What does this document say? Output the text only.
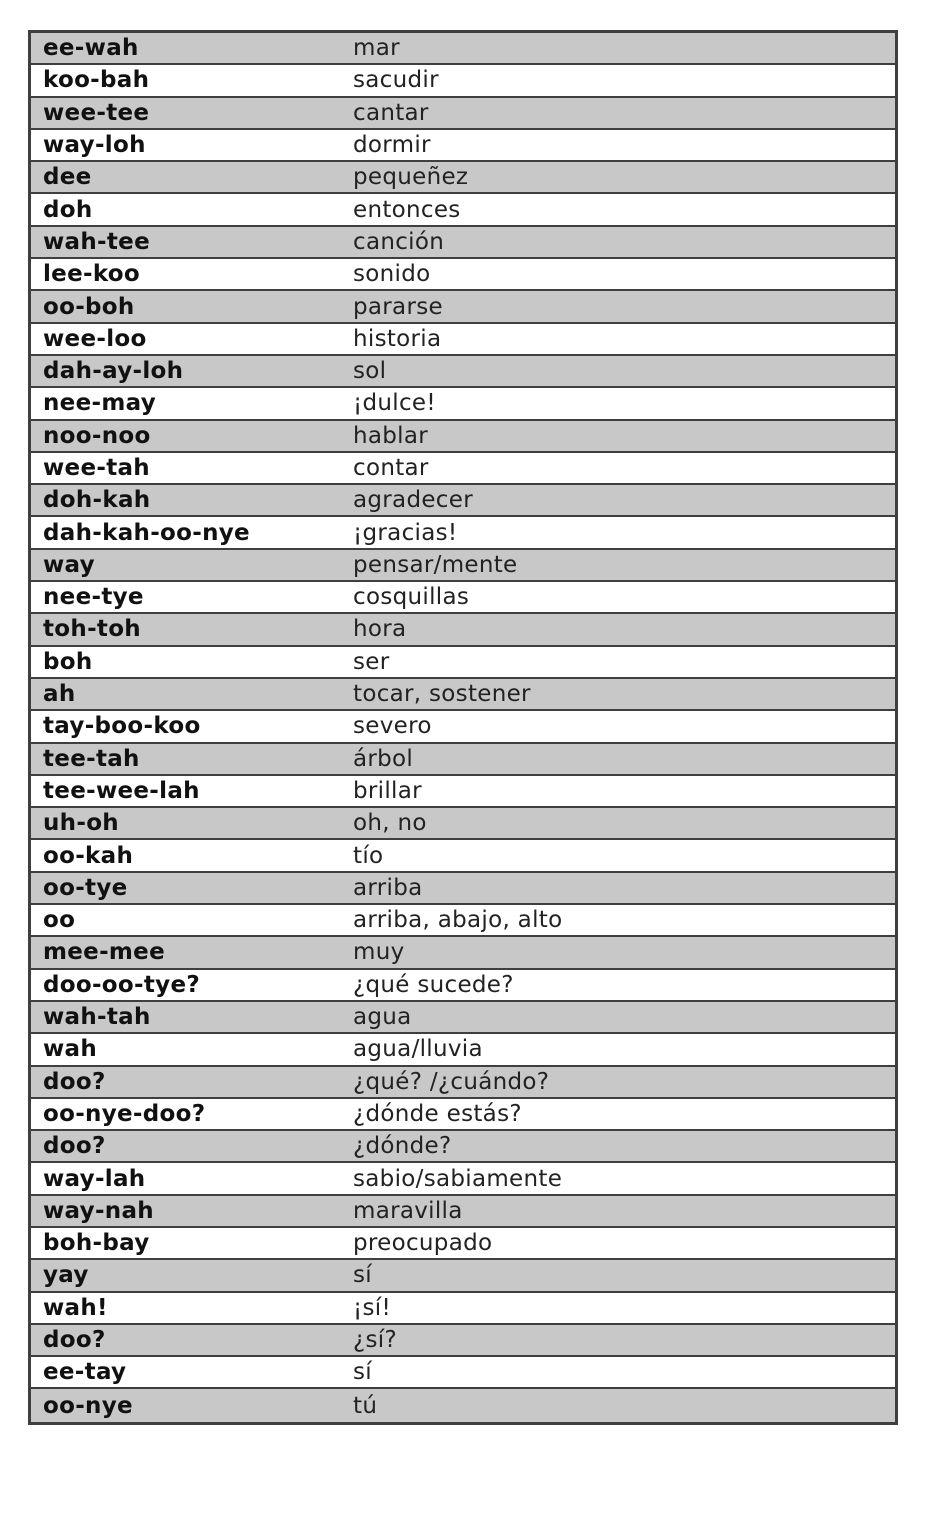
ee-wah	mar
koo-bah	sacudir
wee-tee	cantar
way-loh	dormir
dee	pequeñez
doh	entonces
wah-tee	canción
lee-koo	sonido
oo-boh	pararse
wee-loo	historia
dah-ay-loh	sol
nee-may	¡dulce!
noo-noo	hablar
wee-tah	contar
doh-kah	agradecer
dah-kah-oo-nye	¡gracias!
way	pensar/mente
nee-tye	cosquillas
toh-toh	hora
boh	ser
ah	tocar, sostener
tay-boo-koo	severo
tee-tah	árbol
tee-wee-lah	brillar
uh-oh	oh, no
oo-kah	tío
oo-tye	arriba
oo	arriba, abajo, alto
mee-mee	muy
doo-oo-tye?	¿qué sucede?
wah-tah	agua
wah	agua/lluvia
doo?	¿qué? /¿cuándo?
oo-nye-doo?	¿dónde estás?
doo?	¿dónde?
way-lah	sabio/sabiamente
way-nah	maravilla
boh-bay	preocupado
yay	sí
wah!	¡sí!
doo?	¿sí?
ee-tay	sí
oo-nye	tú
